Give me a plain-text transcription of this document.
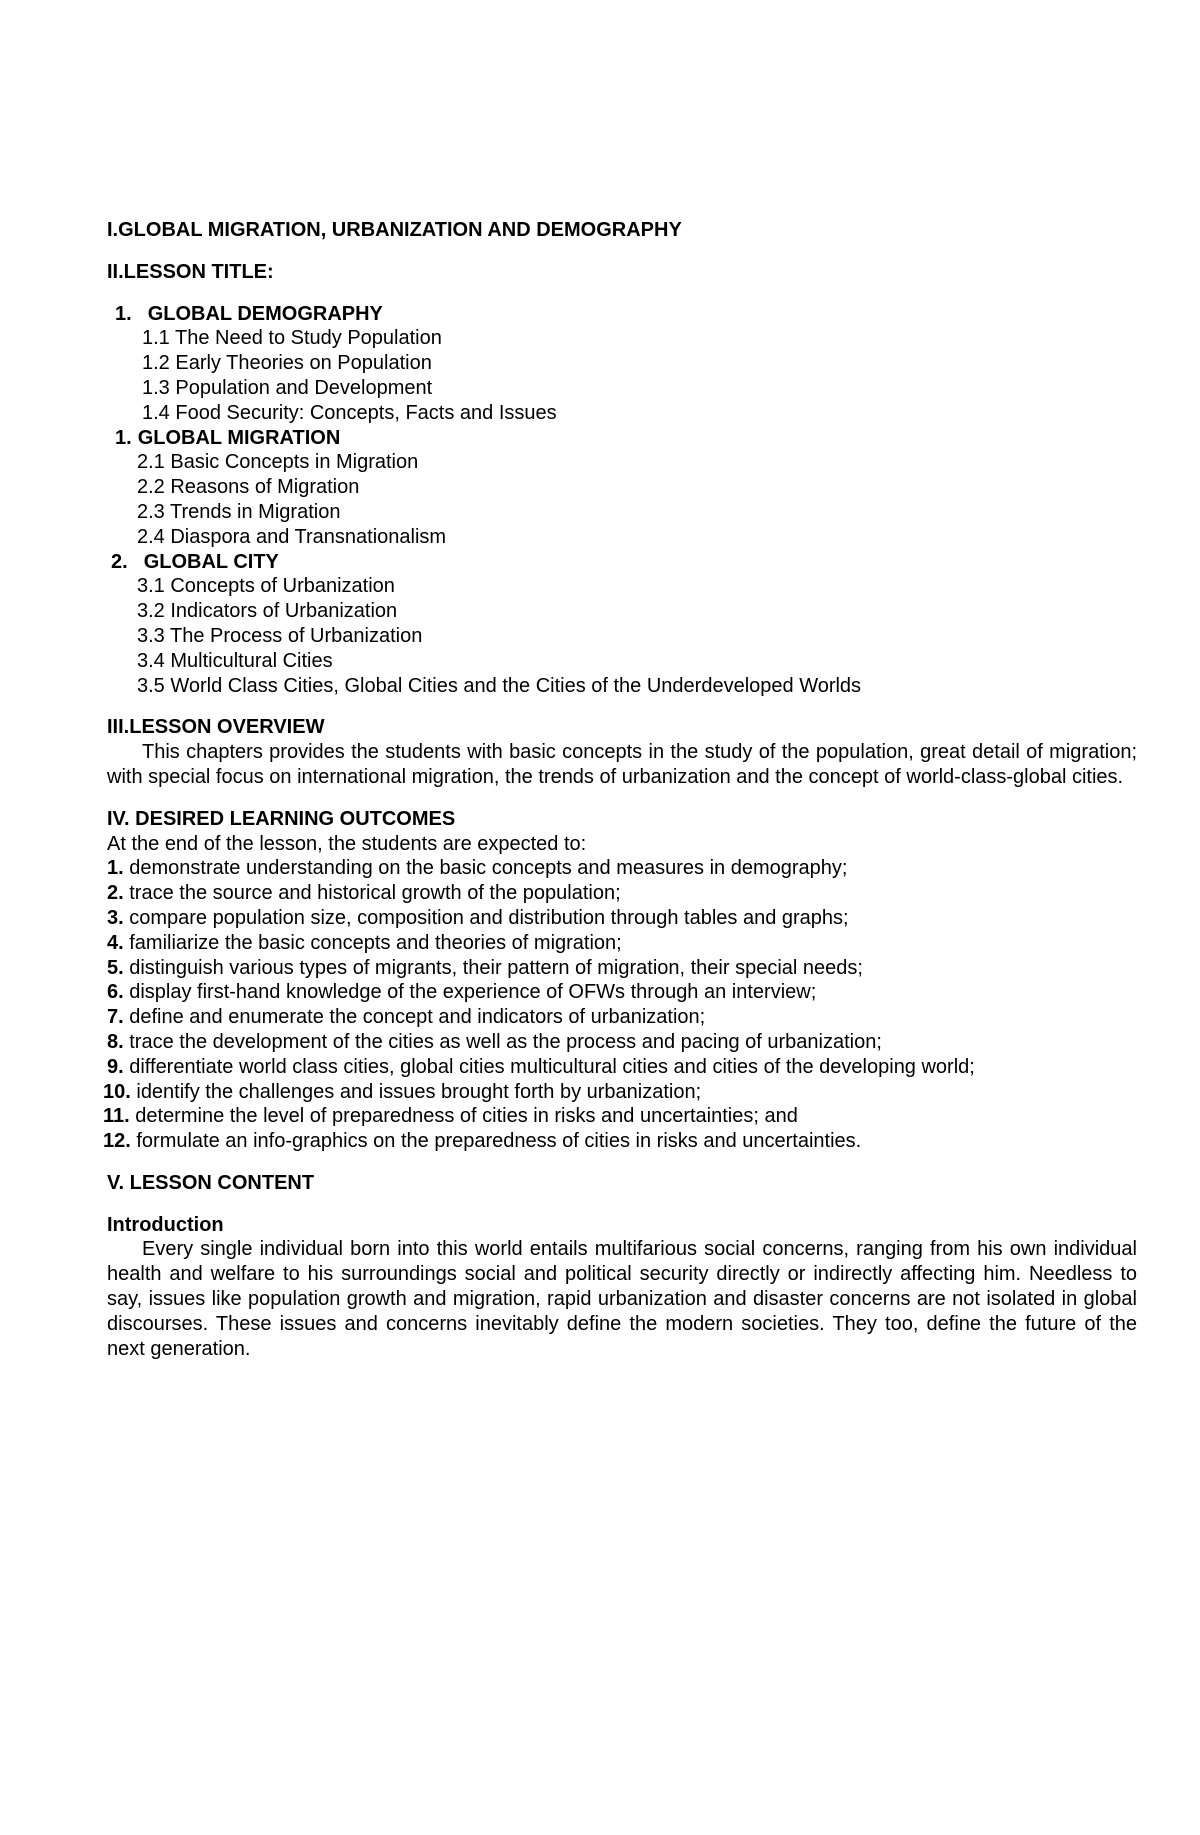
I.GLOBAL MIGRATION, URBANIZATION AND DEMOGRAPHY

II.LESSON TITLE:

1. GLOBAL DEMOGRAPHY

1.1 The Need to Study Population

1.2 Early Theories on Population

1.3 Population and Development

1.4 Food Security: Concepts, Facts and Issues

1. GLOBAL MIGRATION

2.1 Basic Concepts in Migration

2.2 Reasons of Migration

2.3 Trends in Migration

2.4 Diaspora and Transnationalism

2. GLOBAL CITY

3.1 Concepts of Urbanization

3.2 Indicators of Urbanization

3.3 The Process of Urbanization

3.4 Multicultural Cities

3.5 World Class Cities, Global Cities and the Cities of the Underdeveloped Worlds

III.LESSON OVERVIEW

This chapters provides the students with basic concepts in the study of the population, great detail of migration; with special focus on international migration, the trends of urbanization and the concept of world-class-global cities.

IV. DESIRED LEARNING OUTCOMES

At the end of the lesson, the students are expected to:

1. demonstrate understanding on the basic concepts and measures in demography;
2. trace the source and historical growth of the population;
3. compare population size, composition and distribution through tables and graphs;
4. familiarize the basic concepts and theories of migration;
5. distinguish various types of migrants, their pattern of migration, their special needs;
6. display first-hand knowledge of the experience of OFWs through an interview;
7. define and enumerate the concept and indicators of urbanization;
8. trace the development of the cities as well as the process and pacing of urbanization;
9. differentiate world class cities, global cities multicultural cities and cities of the developing world;
10. identify the challenges and issues brought forth by urbanization;
11. determine the level of preparedness of cities in risks and uncertainties; and
12. formulate an info-graphics on the preparedness of cities in risks and uncertainties.

V. LESSON CONTENT

Introduction

Every single individual born into this world entails multifarious social concerns, ranging from his own individual health and welfare to his surroundings social and political security directly or indirectly affecting him. Needless to say, issues like population growth and migration, rapid urbanization and disaster concerns are not isolated in global discourses. These issues and concerns inevitably define the modern societies. They too, define the future of the next generation.
